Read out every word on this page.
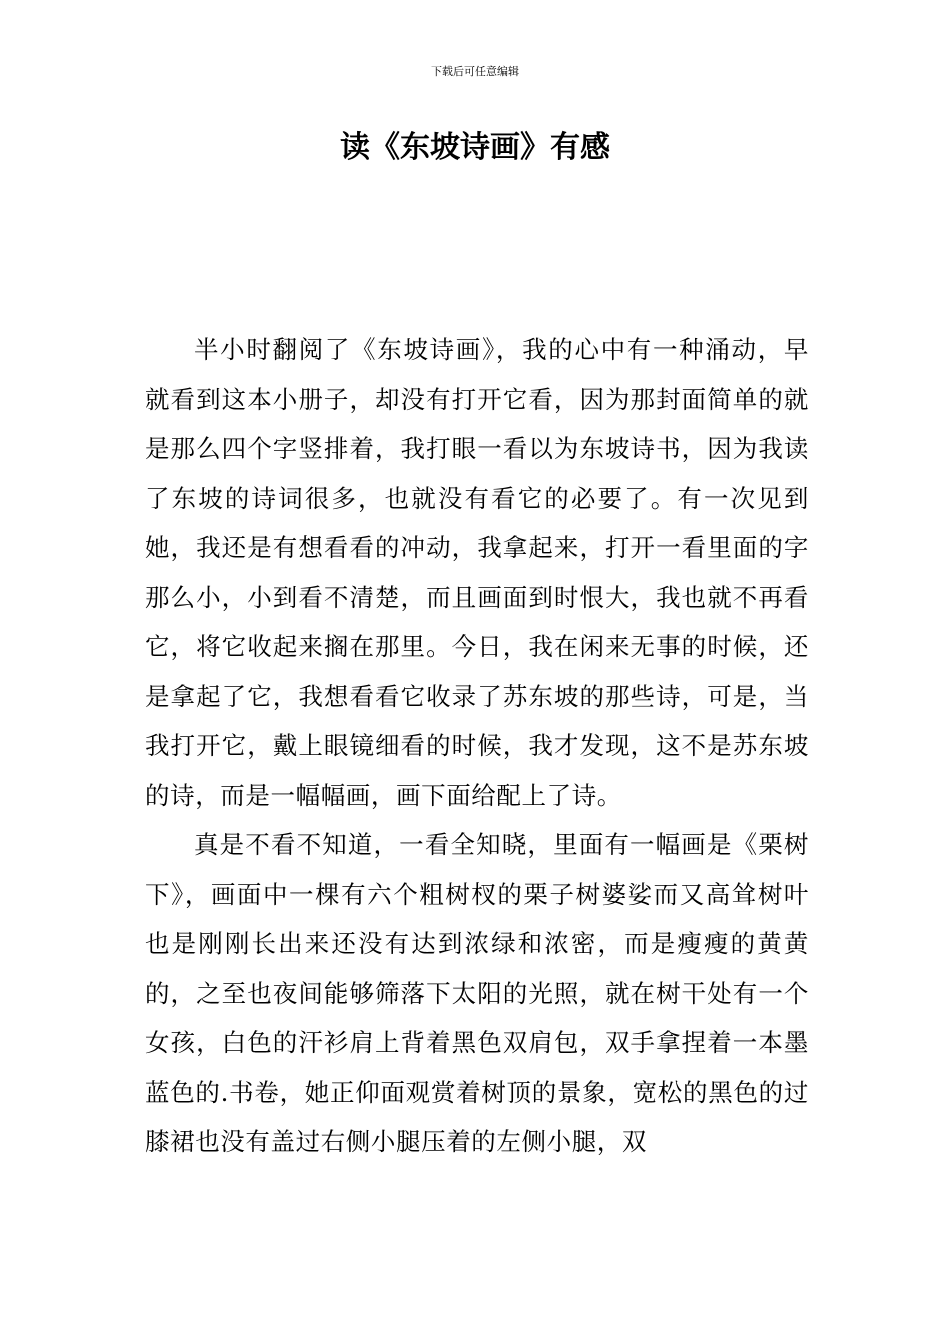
下载后可任意编辑
读《东坡诗画》有感

半小时翻阅了《东坡诗画》，我的心中有一种涌动，早就看到这本小册子，却没有打开它看，因为那封面简单的就是那么四个字竖排着，我打眼一看以为东坡诗书，因为我读了东坡的诗词很多，也就没有看它的必要了。有一次见到她，我还是有想看看的冲动，我拿起来，打开一看里面的字那么小，小到看不清楚，而且画面到时恨大，我也就不再看它，将它收起来搁在那里。今日，我在闲来无事的时候，还是拿起了它，我想看看它收录了苏东坡的那些诗，可是，当我打开它，戴上眼镜细看的时候，我才发现，这不是苏东坡的诗，而是一幅幅画，画下面给配上了诗。

真是不看不知道，一看全知晓，里面有一幅画是《栗树下》，画面中一棵有六个粗树杈的栗子树婆娑而又高耸树叶也是刚刚长出来还没有达到浓绿和浓密，而是瘦瘦的黄黄的，之至也夜间能够筛落下太阳的光照，就在树干处有一个女孩，白色的汗衫肩上背着黑色双肩包，双手拿捏着一本墨蓝色的.书卷，她正仰面观赏着树顶的景象，宽松的黑色的过膝裙也没有盖过右侧小腿压着的左侧小腿，双
